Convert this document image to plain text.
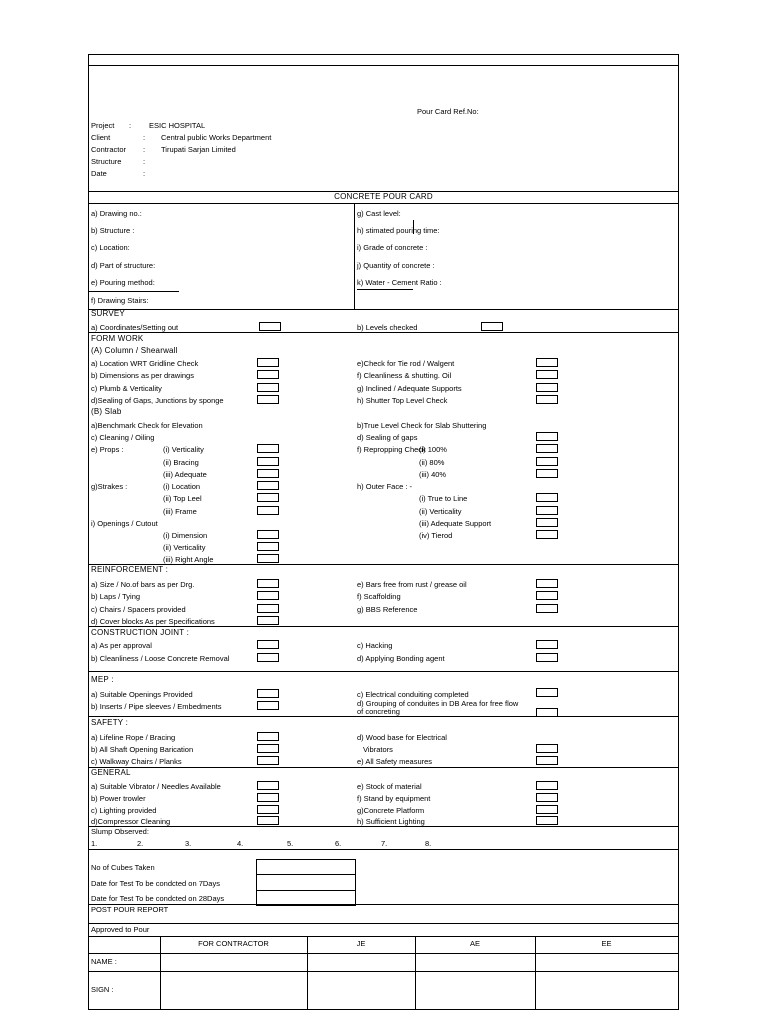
Pour Card Ref.No:
Project : ESIC HOSPITAL
Client	: Central public Works Department
Contractor : Tirupati Sarjan Limited
Structure	:
Date	:
CONCRETE POUR CARD
a) Drawing no.:
b) Structure :
c) Location:
d) Part of structure:
e) Pouring method:
f) Drawing Stairs:
g) Cast level:
h) stimated pouring time:
i) Grade of concrete :
j) Quantity of concrete :
k) Water - Cement Ratio :
SURVEY
a) Coordinates/Setting out	b) Levels checked
FORM WORK
(A) Column / Shearwall
a) Location WRT Gridline Check
b) Dimensions as per drawings
c) Plumb & Verticality
d)Sealing of Gaps, Junctions by sponge
e)Check for Tie rod / Walgent
f) Cleanliness & shutting. Oil
g) Inclined / Adequate Supports
h) Shutter Top Level Check
(B) Slab
a)Benchmark Check for Elevation	b)True Level Check for Slab Shuttering
c) Cleaning / Oiling	d) Sealing of gaps
e) Props :	(i) Verticality
(ii) Bracing
(iii) Adequate
f) Repropping Check
(i) 100%
(ii) 80%
(iii) 40%
g)Strakes :	(i) Location
(ii) Top Leel
(iii) Frame
h) Outer Face : -
(i) True to Line
(ii) Verticality
(iii) Adequate Support
(iv) Tierod
i) Openings / Cutout
(i) Dimension
(ii) Verticality
(iii) Right Angle
REINFORCEMENT :
a) Size / No.of bars as per Drg.
b) Laps / Tying
c) Chairs / Spacers provided
d) Cover blocks As per Specifications
e) Bars free from rust / grease oil
f) Scaffolding
g) BBS Reference
CONSTRUCTION JOINT :
a) As per approval
b) Cleanliness / Loose Concrete Removal
c) Hacking
d) Applying Bonding agent
MEP :
a) Suitable Openings Provided
b) Inserts / Pipe sleeves / Embedments
c) Electrical conduiting completed
d) Grouping of conduites in DB Area for free flow
of concreting
SAFETY :
a) Lifeline Rope / Bracing
b) All Shaft Opening Barication
c) Walkway Chairs / Planks
d) Wood base for Electrical
Vibrators
e) All Safety measures
GENERAL
a) Suitable Vibrator / Needles Available
b) Power trowler
c) Lighting provided
d)Compressor Cleaning
e) Stock of material
f) Stand by equipment
g)Concrete Platform
h) Sufficient Lighting
Slump Observed:
1.	2.	3.	4.	5.	6.	7.	8.
No of Cubes Taken
Date for Test To be condcted on 7Days
Date for Test To be condcted on 28Days
POST POUR REPORT
Approved to Pour
FOR CONTRACTOR	JE	AE	EE
NAME :
SIGN :
